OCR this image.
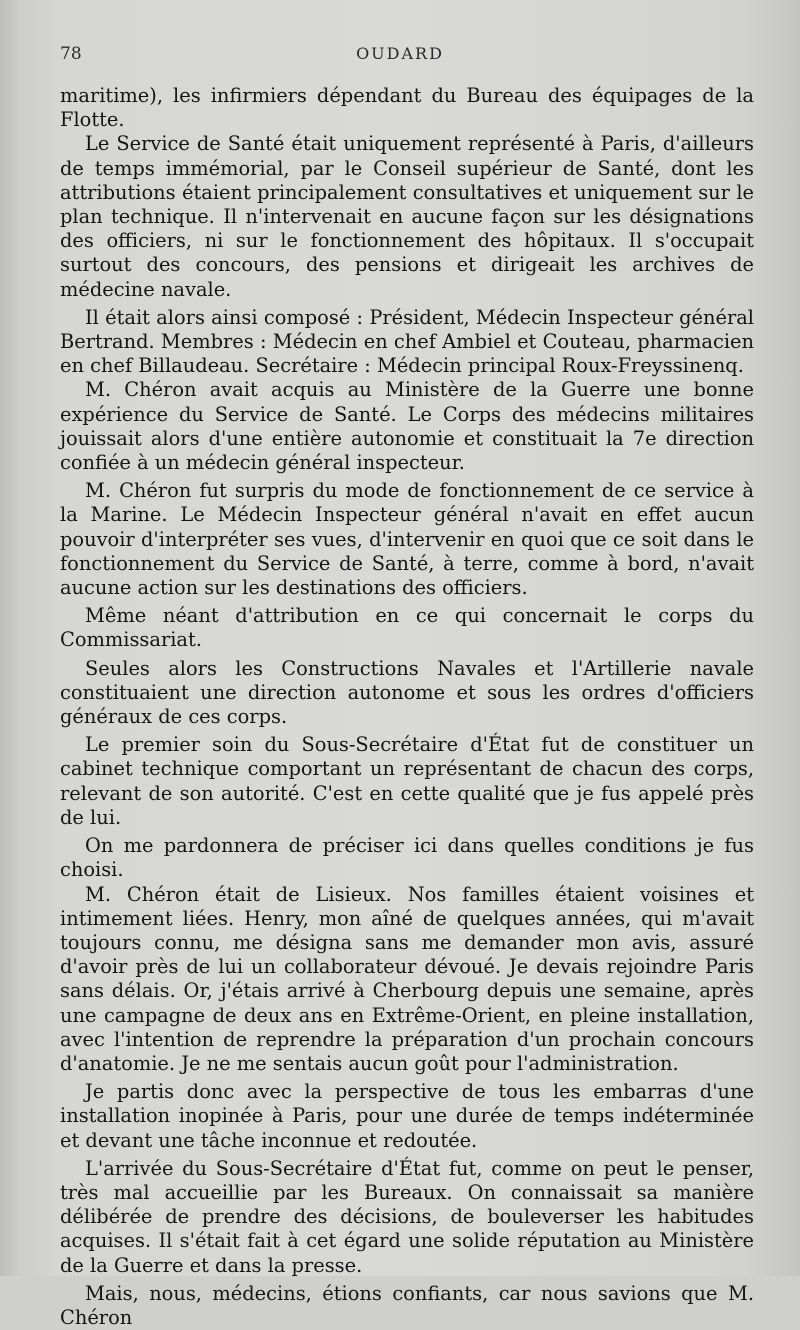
78	OUDARD

maritime), les infirmiers dépendant du Bureau des équipages de la Flotte.

Le Service de Santé était uniquement représenté à Paris, d'ailleurs de temps immémorial, par le Conseil supérieur de Santé, dont les attributions étaient principalement consultatives et uniquement sur le plan technique. Il n'intervenait en aucune façon sur les désignations des officiers, ni sur le fonctionnement des hôpitaux. Il s'occupait surtout des concours, des pensions et dirigeait les archives de médecine navale.

Il était alors ainsi composé : Président, Médecin Inspecteur général Bertrand. Membres : Médecin en chef Ambiel et Couteau, pharmacien en chef Billaudeau. Secrétaire : Médecin principal Roux-Freyssinenq.

M. Chéron avait acquis au Ministère de la Guerre une bonne expérience du Service de Santé. Le Corps des médecins militaires jouissait alors d'une entière autonomie et constituait la 7e direction confiée à un médecin général inspecteur.

M. Chéron fut surpris du mode de fonctionnement de ce service à la Marine. Le Médecin Inspecteur général n'avait en effet aucun pouvoir d'interpréter ses vues, d'intervenir en quoi que ce soit dans le fonctionnement du Service de Santé, à terre, comme à bord, n'avait aucune action sur les destinations des officiers.

Même néant d'attribution en ce qui concernait le corps du Commissariat.

Seules alors les Constructions Navales et l'Artillerie navale constituaient une direction autonome et sous les ordres d'officiers généraux de ces corps.

Le premier soin du Sous-Secrétaire d'État fut de constituer un cabinet technique comportant un représentant de chacun des corps, relevant de son autorité. C'est en cette qualité que je fus appelé près de lui.

On me pardonnera de préciser ici dans quelles conditions je fus choisi.

M. Chéron était de Lisieux. Nos familles étaient voisines et intimement liées. Henry, mon aîné de quelques années, qui m'avait toujours connu, me désigna sans me demander mon avis, assuré d'avoir près de lui un collaborateur dévoué. Je devais rejoindre Paris sans délais. Or, j'étais arrivé à Cherbourg depuis une semaine, après une campagne de deux ans en Extrême-Orient, en pleine installation, avec l'intention de reprendre la préparation d'un prochain concours d'anatomie. Je ne me sentais aucun goût pour l'administration.

Je partis donc avec la perspective de tous les embarras d'une installation inopinée à Paris, pour une durée de temps indéterminée et devant une tâche inconnue et redoutée.

L'arrivée du Sous-Secrétaire d'État fut, comme on peut le penser, très mal accueillie par les Bureaux. On connaissait sa manière délibérée de prendre des décisions, de bouleverser les habitudes acquises. Il s'était fait à cet égard une solide réputation au Ministère de la Guerre et dans la presse.

Mais, nous, médecins, étions confiants, car nous savions que M. Chéron
